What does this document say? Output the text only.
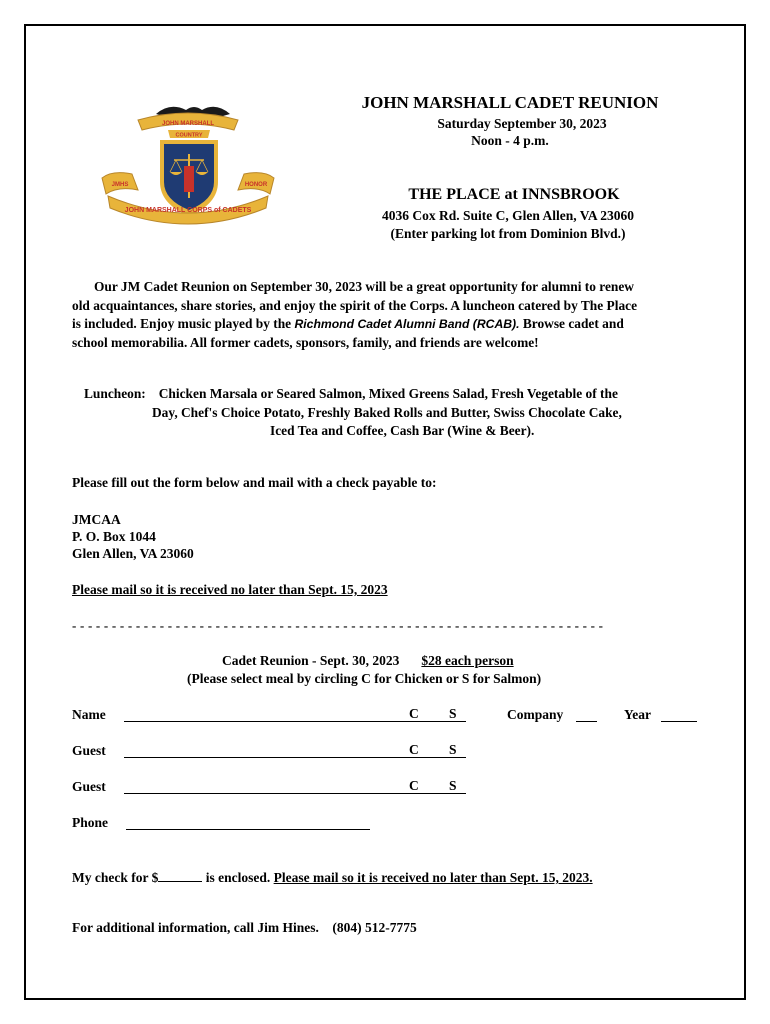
JOHN MARSHALL
COUNTRY
JMHS	HONOR
JOHN MARSHALL CORPS of CADETS
JOHN MARSHALL CADET REUNION
Saturday September 30, 2023
Noon - 4 p.m.
THE PLACE at INNSBROOK
4036 Cox Rd. Suite C, Glen Allen, VA 23060
(Enter parking lot from Dominion Blvd.)
Our JM Cadet Reunion on September 30, 2023 will be a great opportunity for alumni to renew
old acquaintances, share stories, and enjoy the spirit of the Corps. A luncheon catered by The Place
is included. Enjoy music played by the Richmond Cadet Alumni Band (RCAB). Browse cadet and
school memorabilia. All former cadets, sponsors, family, and friends are welcome!
Luncheon: Chicken Marsala or Seared Salmon, Mixed Greens Salad, Fresh Vegetable of the
Day, Chef's Choice Potato, Freshly Baked Rolls and Butter, Swiss Chocolate Cake,
Iced Tea and Coffee, Cash Bar (Wine & Beer).
Please fill out the form below and mail with a check payable to:
JMCAA
P. O. Box 1044
Glen Allen, VA 23060
Please mail so it is received no later than Sept. 15, 2023
- - - - - - - - - - - - - - - - - - - - - - - - - - - - - - - - - - - - - - - - - - - - - - - - - - - - - - - - - - - - - - - - - - -
Cadet Reunion - Sept. 30, 2023 $28 each person
(Please select meal by circling C for Chicken or S for Salmon)
Name	C S	Company	Year
Guest	C S
Guest	C S
Phone
My check for $	is enclosed. Please mail so it is received no later than Sept. 15, 2023.
For additional information, call Jim Hines.    (804) 512-7775
